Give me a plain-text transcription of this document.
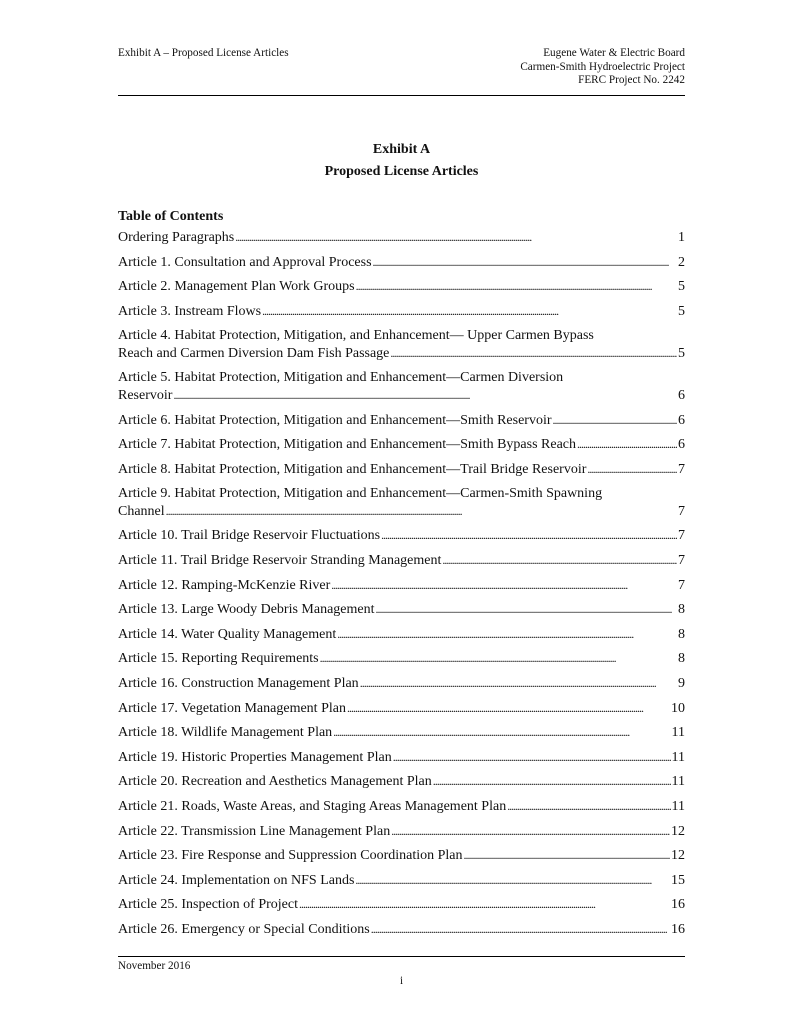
Exhibit A – Proposed License Articles	Eugene Water & Electric Board
Carmen-Smith Hydroelectric Project
FERC Project No. 2242
Exhibit A
Proposed License Articles
Table of Contents
Ordering Paragraphs . . .	1
Article 1. Consultation and Approval Process . . .	2
Article 2. Management Plan Work Groups . . .	5
Article 3. Instream Flows . . .	5
Article 4. Habitat Protection, Mitigation, and Enhancement— Upper Carmen Bypass
Reach and Carmen Diversion Dam Fish Passage . . .	5
Article 5. Habitat Protection, Mitigation and Enhancement—Carmen Diversion
Reservoir . . .	6
Article 6. Habitat Protection, Mitigation and Enhancement—Smith Reservoir . . .	6
Article 7. Habitat Protection, Mitigation and Enhancement—Smith Bypass Reach . . .	6
Article 8. Habitat Protection, Mitigation and Enhancement—Trail Bridge Reservoir . . .	7
Article 9. Habitat Protection, Mitigation and Enhancement—Carmen-Smith Spawning
Channel . . .	7
Article 10. Trail Bridge Reservoir Fluctuations . . .	7
Article 11. Trail Bridge Reservoir Stranding Management . . .	7
Article 12. Ramping-McKenzie River . . .	7
Article 13. Large Woody Debris Management . . .	8
Article 14. Water Quality Management . . .	8
Article 15. Reporting Requirements . . .	8
Article 16. Construction Management Plan . . .	9
Article 17. Vegetation Management Plan . . .	10
Article 18. Wildlife Management Plan . . .	11
Article 19. Historic Properties Management Plan . . .	11
Article 20. Recreation and Aesthetics Management Plan . . .	11
Article 21. Roads, Waste Areas, and Staging Areas Management Plan . . .	11
Article 22. Transmission Line Management Plan . . .	12
Article 23. Fire Response and Suppression Coordination Plan . . .	12
Article 24. Implementation on NFS Lands . . .	15
Article 25. Inspection of Project . . .	16
Article 26. Emergency or Special Conditions . . .	16
November 2016
i
